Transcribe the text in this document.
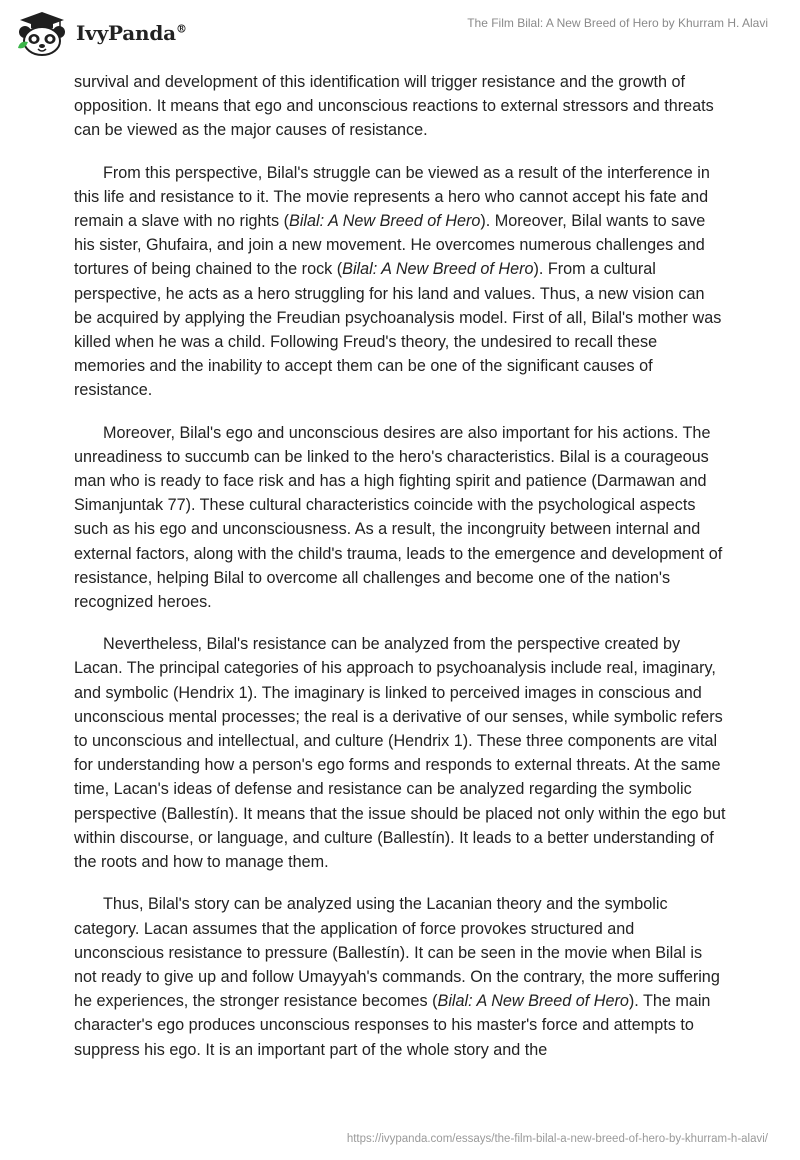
IvyPanda®	The Film Bilal: A New Breed of Hero by Khurram H. Alavi

survival and development of this identification will trigger resistance and the growth of opposition. It means that ego and unconscious reactions to external stressors and threats can be viewed as the major causes of resistance.

From this perspective, Bilal's struggle can be viewed as a result of the interference in this life and resistance to it. The movie represents a hero who cannot accept his fate and remain a slave with no rights (Bilal: A New Breed of Hero). Moreover, Bilal wants to save his sister, Ghufaira, and join a new movement. He overcomes numerous challenges and tortures of being chained to the rock (Bilal: A New Breed of Hero). From a cultural perspective, he acts as a hero struggling for his land and values. Thus, a new vision can be acquired by applying the Freudian psychoanalysis model. First of all, Bilal's mother was killed when he was a child. Following Freud's theory, the undesired to recall these memories and the inability to accept them can be one of the significant causes of resistance.

Moreover, Bilal's ego and unconscious desires are also important for his actions. The unreadiness to succumb can be linked to the hero's characteristics. Bilal is a courageous man who is ready to face risk and has a high fighting spirit and patience (Darmawan and Simanjuntak 77). These cultural characteristics coincide with the psychological aspects such as his ego and unconsciousness. As a result, the incongruity between internal and external factors, along with the child's trauma, leads to the emergence and development of resistance, helping Bilal to overcome all challenges and become one of the nation's recognized heroes.

Nevertheless, Bilal's resistance can be analyzed from the perspective created by Lacan. The principal categories of his approach to psychoanalysis include real, imaginary, and symbolic (Hendrix 1). The imaginary is linked to perceived images in conscious and unconscious mental processes; the real is a derivative of our senses, while symbolic refers to unconscious and intellectual, and culture (Hendrix 1). These three components are vital for understanding how a person's ego forms and responds to external threats. At the same time, Lacan's ideas of defense and resistance can be analyzed regarding the symbolic perspective (Ballestín). It means that the issue should be placed not only within the ego but within discourse, or language, and culture (Ballestín). It leads to a better understanding of the roots and how to manage them.

Thus, Bilal's story can be analyzed using the Lacanian theory and the symbolic category. Lacan assumes that the application of force provokes structured and unconscious resistance to pressure (Ballestín). It can be seen in the movie when Bilal is not ready to give up and follow Umayyah's commands. On the contrary, the more suffering he experiences, the stronger resistance becomes (Bilal: A New Breed of Hero). The main character's ego produces unconscious responses to his master's force and attempts to suppress his ego. It is an important part of the whole story and the

https://ivypanda.com/essays/the-film-bilal-a-new-breed-of-hero-by-khurram-h-alavi/
